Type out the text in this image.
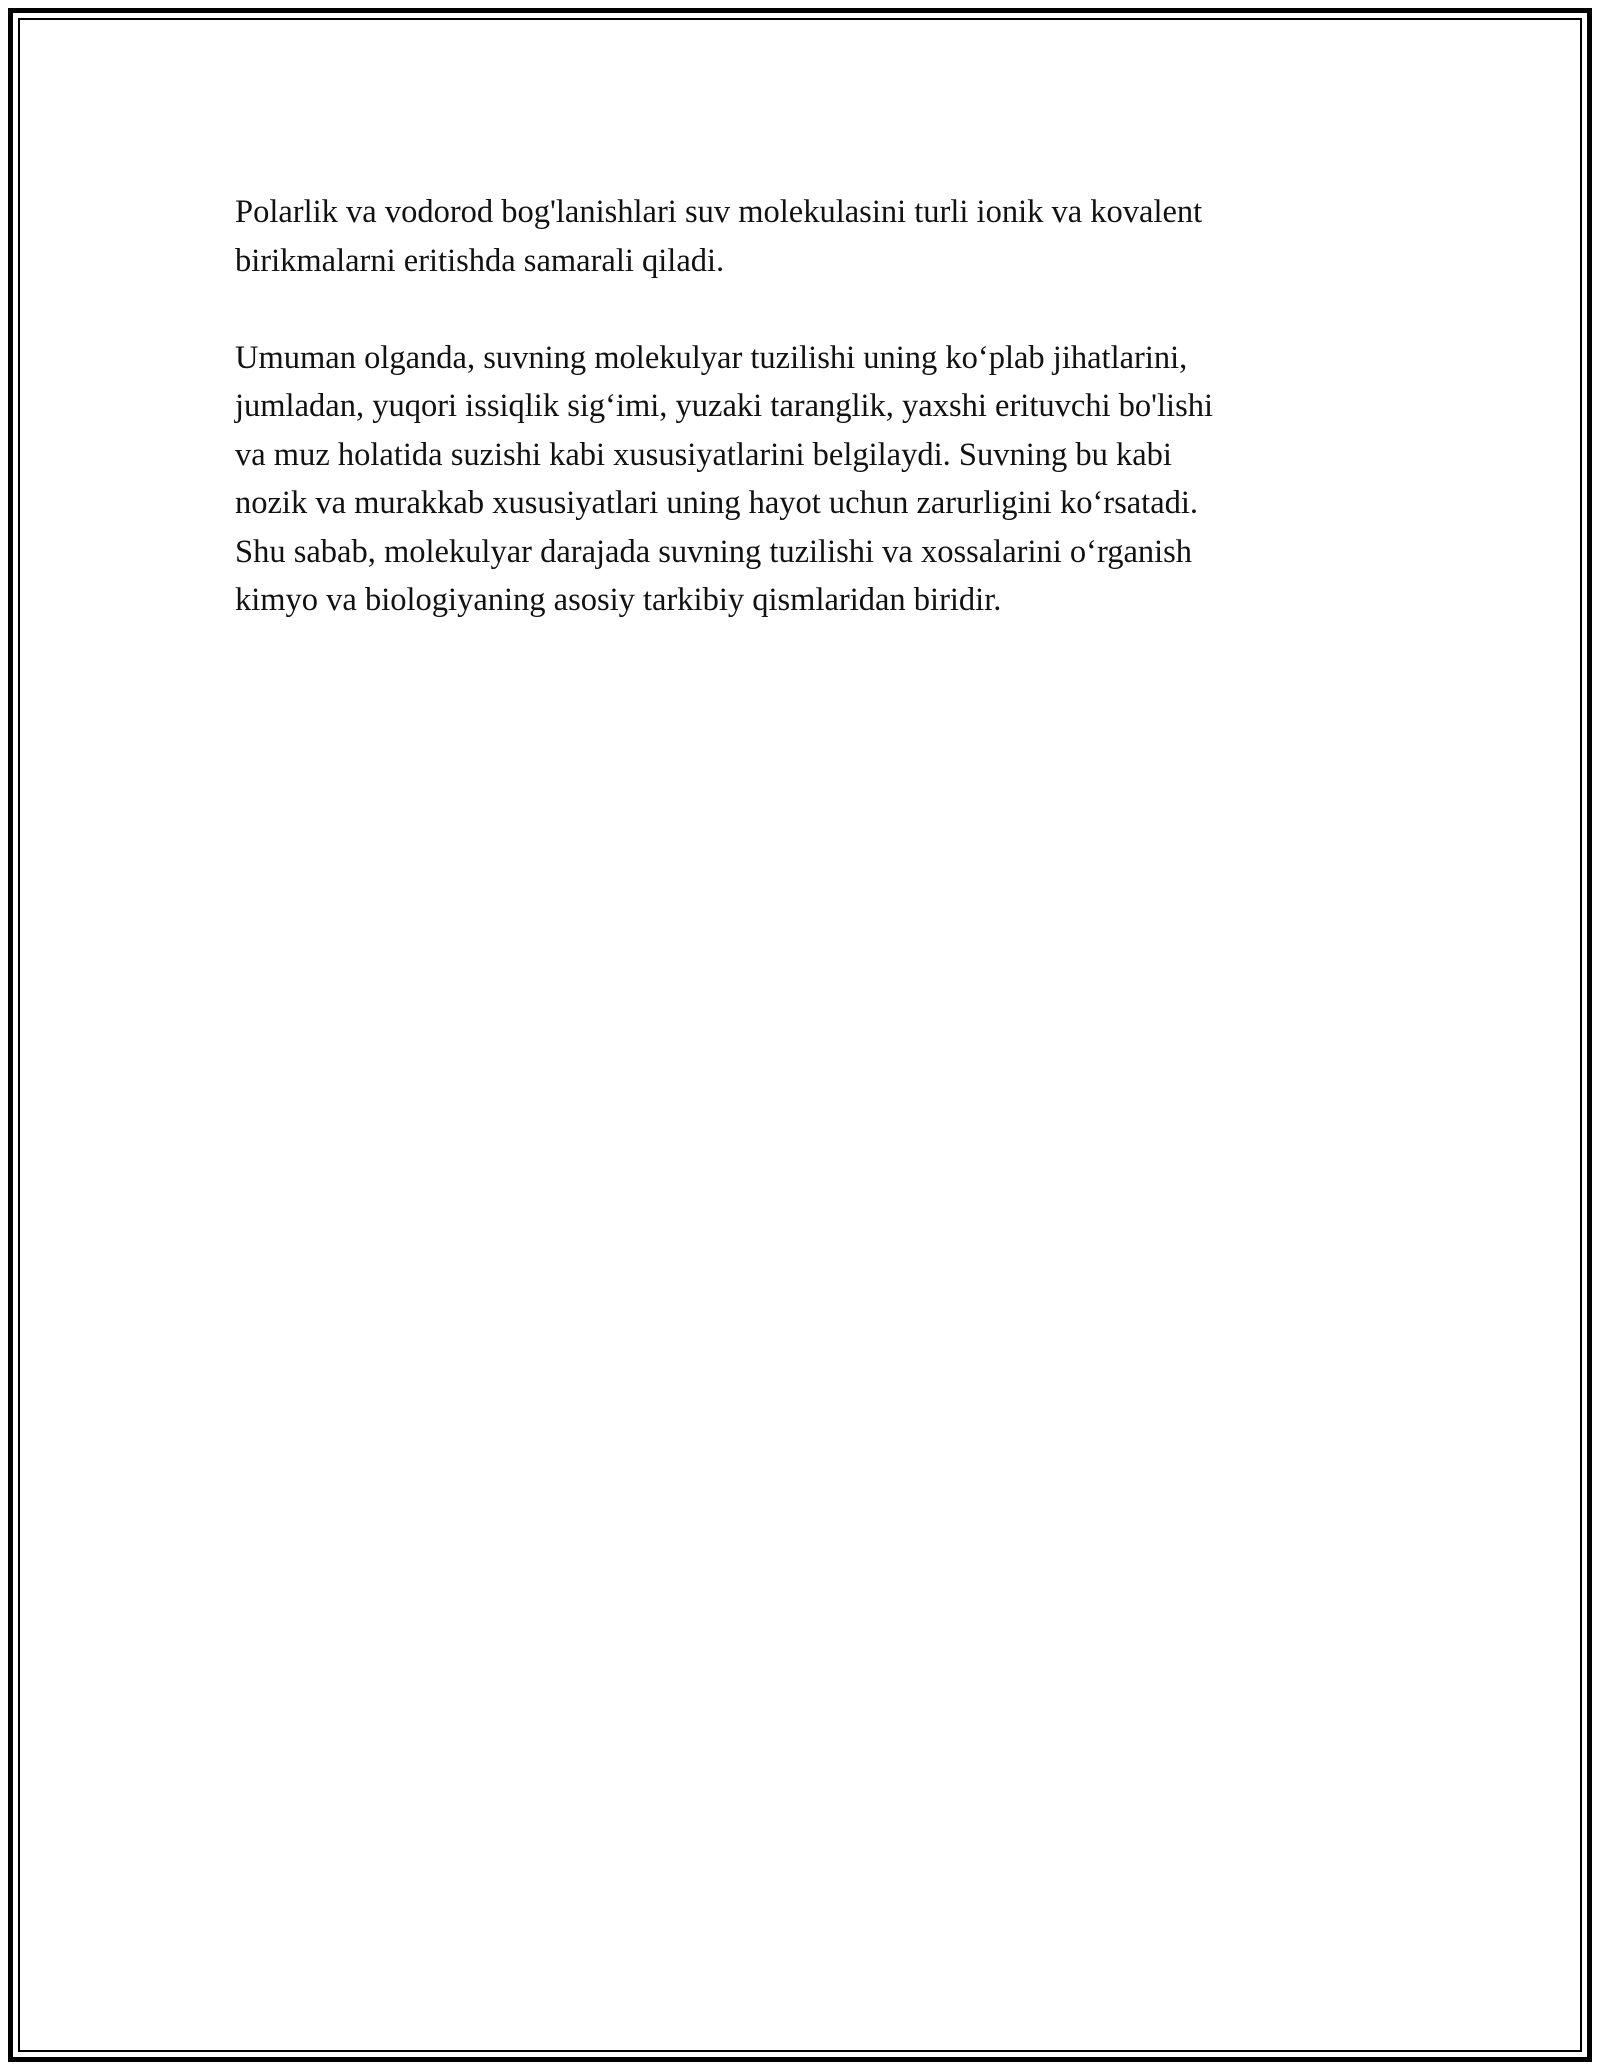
Polarlik va vodorod bog'lanishlari suv molekulasini turli ionik va kovalent

birikmalarni eritishda samarali qiladi.

Umuman olganda, suvning molekulyar tuzilishi uning koʻplab jihatlarini,

jumladan, yuqori issiqlik sigʻimi, yuzaki taranglik, yaxshi erituvchi bo'lishi

va muz holatida suzishi kabi xususiyatlarini belgilaydi. Suvning bu kabi

nozik va murakkab xususiyatlari uning hayot uchun zarurligini koʻrsatadi.

Shu sabab, molekulyar darajada suvning tuzilishi va xossalarini oʻrganish

kimyo va biologiyaning asosiy tarkibiy qismlaridan biridir.
